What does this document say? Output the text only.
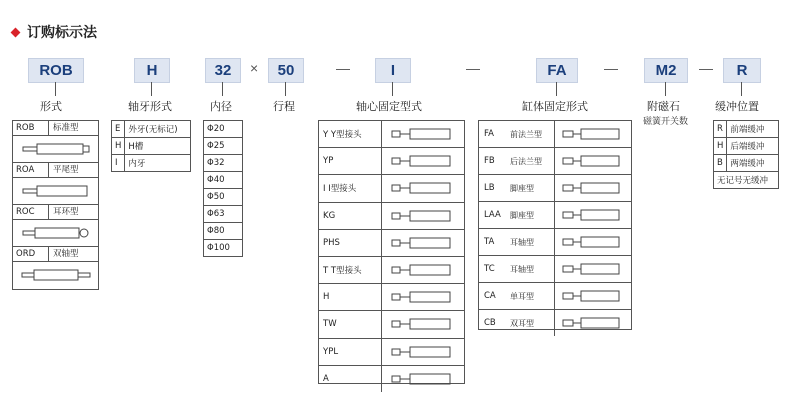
订购标示法
ROB	H	32	×	50	—	I	—	FA	—	M2	—	R
形式	轴牙形式	内径	行程	轴心固定型式	缸体固定形式	附磁石
磁簧开关数
缓冲位置
ROB	标准型
ROA	平尾型
ROC	耳环型
ORD	双轴型
E	外牙(无标记)
H	H槽
I	内牙
Φ20
Φ25
Φ32
Φ40
Φ50
Φ63
Φ80
Φ100
Y Y型接头
YP
I I型接头
KG
PHS
T T型接头
H
TW
YPL
A
FA	前法兰型
FB	后法兰型
LB	脚座型
LAA	脚座型
TA	耳轴型
TC	耳轴型
CA	单耳型
CB	双耳型
R	前端缓冲
H	后端缓冲
B	两端缓冲
无记号无缓冲	
